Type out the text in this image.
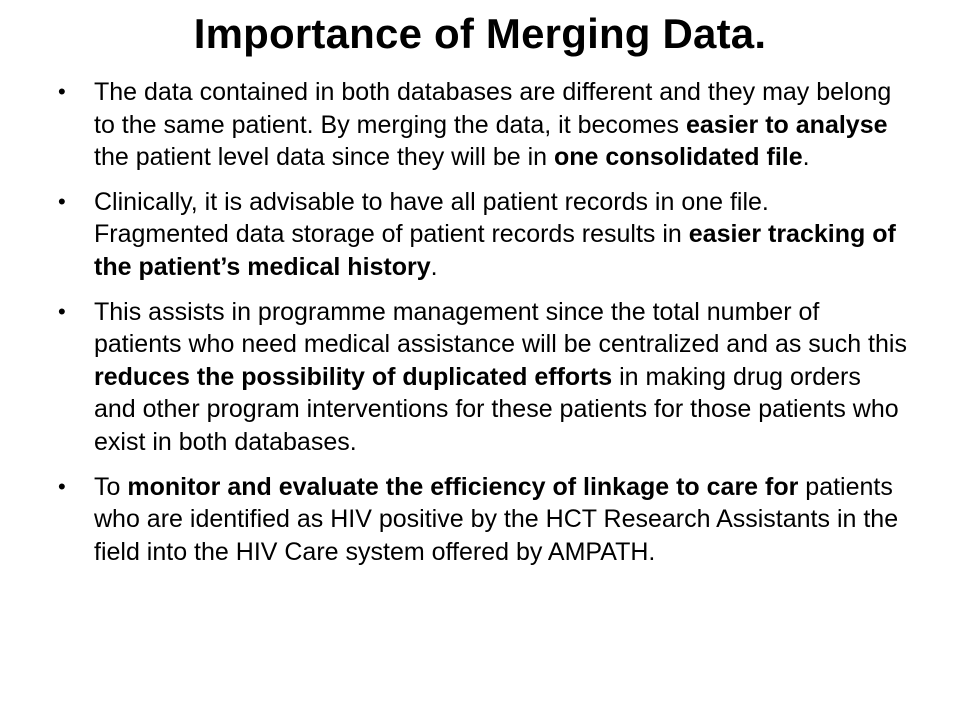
Importance of Merging Data.
• The data contained in both databases are different and they may belong to the same patient. By merging the data, it becomes easier to analyse the patient level data since they will be in one consolidated file.
• Clinically, it is advisable to have all patient records in one file. Fragmented data storage of patient records results in easier tracking of the patient’s medical history.
• This assists in programme management since the total number of patients who need medical assistance will be centralized and as such this reduces the possibility of duplicated efforts in making drug orders and other program interventions for these patients for those patients who exist in both databases.
• To monitor and evaluate the efficiency of linkage to care for patients who are identified as HIV positive by the HCT Research Assistants in the field into the HIV Care system offered by AMPATH.
